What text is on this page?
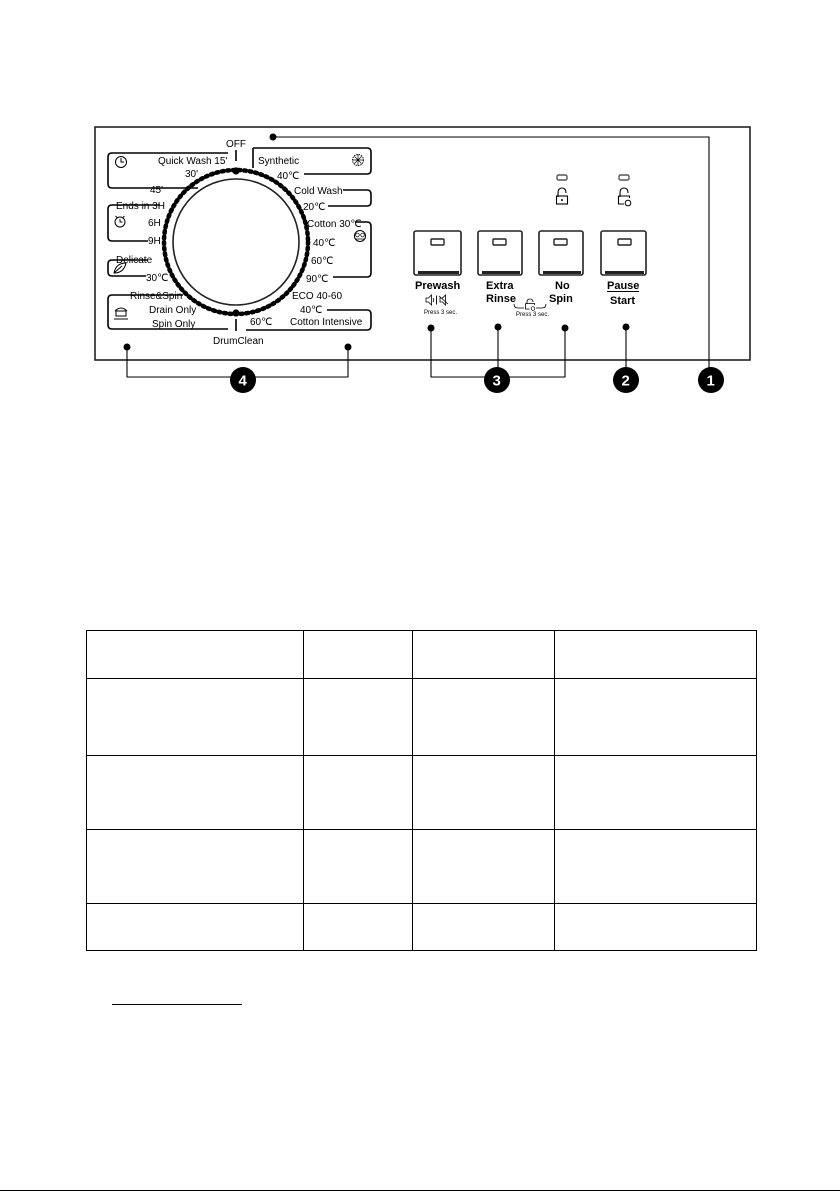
OFF
Quick Wash 15'
30'
45'
Ends in 3H
6H
9H
Delicate
30℃
Rinse&Spin
Drain Only
Spin Only
DrumClean
Synthetic
40℃
Cold Wash
20℃
Cotton 30℃
40℃
60℃
90℃
ECO 40-60
40℃
60℃ Cotton Intensive
Prewash
Press 3 sec.
Extra
Rinse
No
Spin
Press 3 sec.
Pause
Start
1
2
3
4
